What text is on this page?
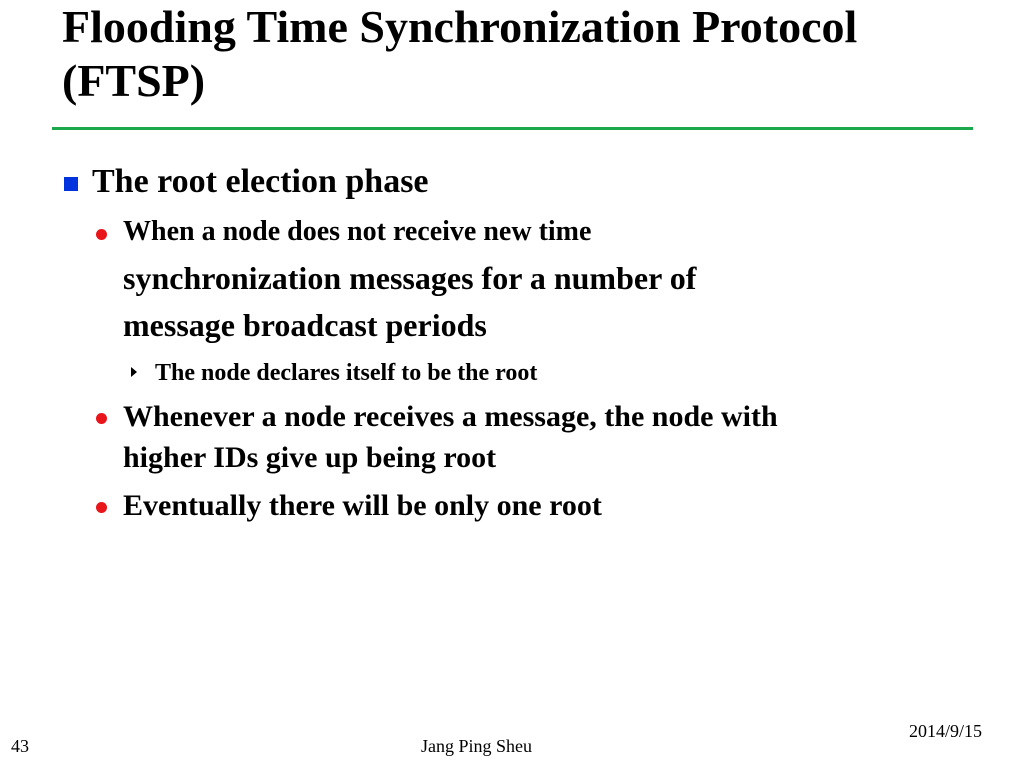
Flooding Time Synchronization Protocol
(FTSP)
The root election phase
When a node does not receive new time
synchronization messages for a number of
message broadcast periods
The node declares itself to be the root
Whenever a node receives a message, the node with
higher IDs give up being root
Eventually there will be only one root
43	Jang Ping Sheu
2014/9/15
